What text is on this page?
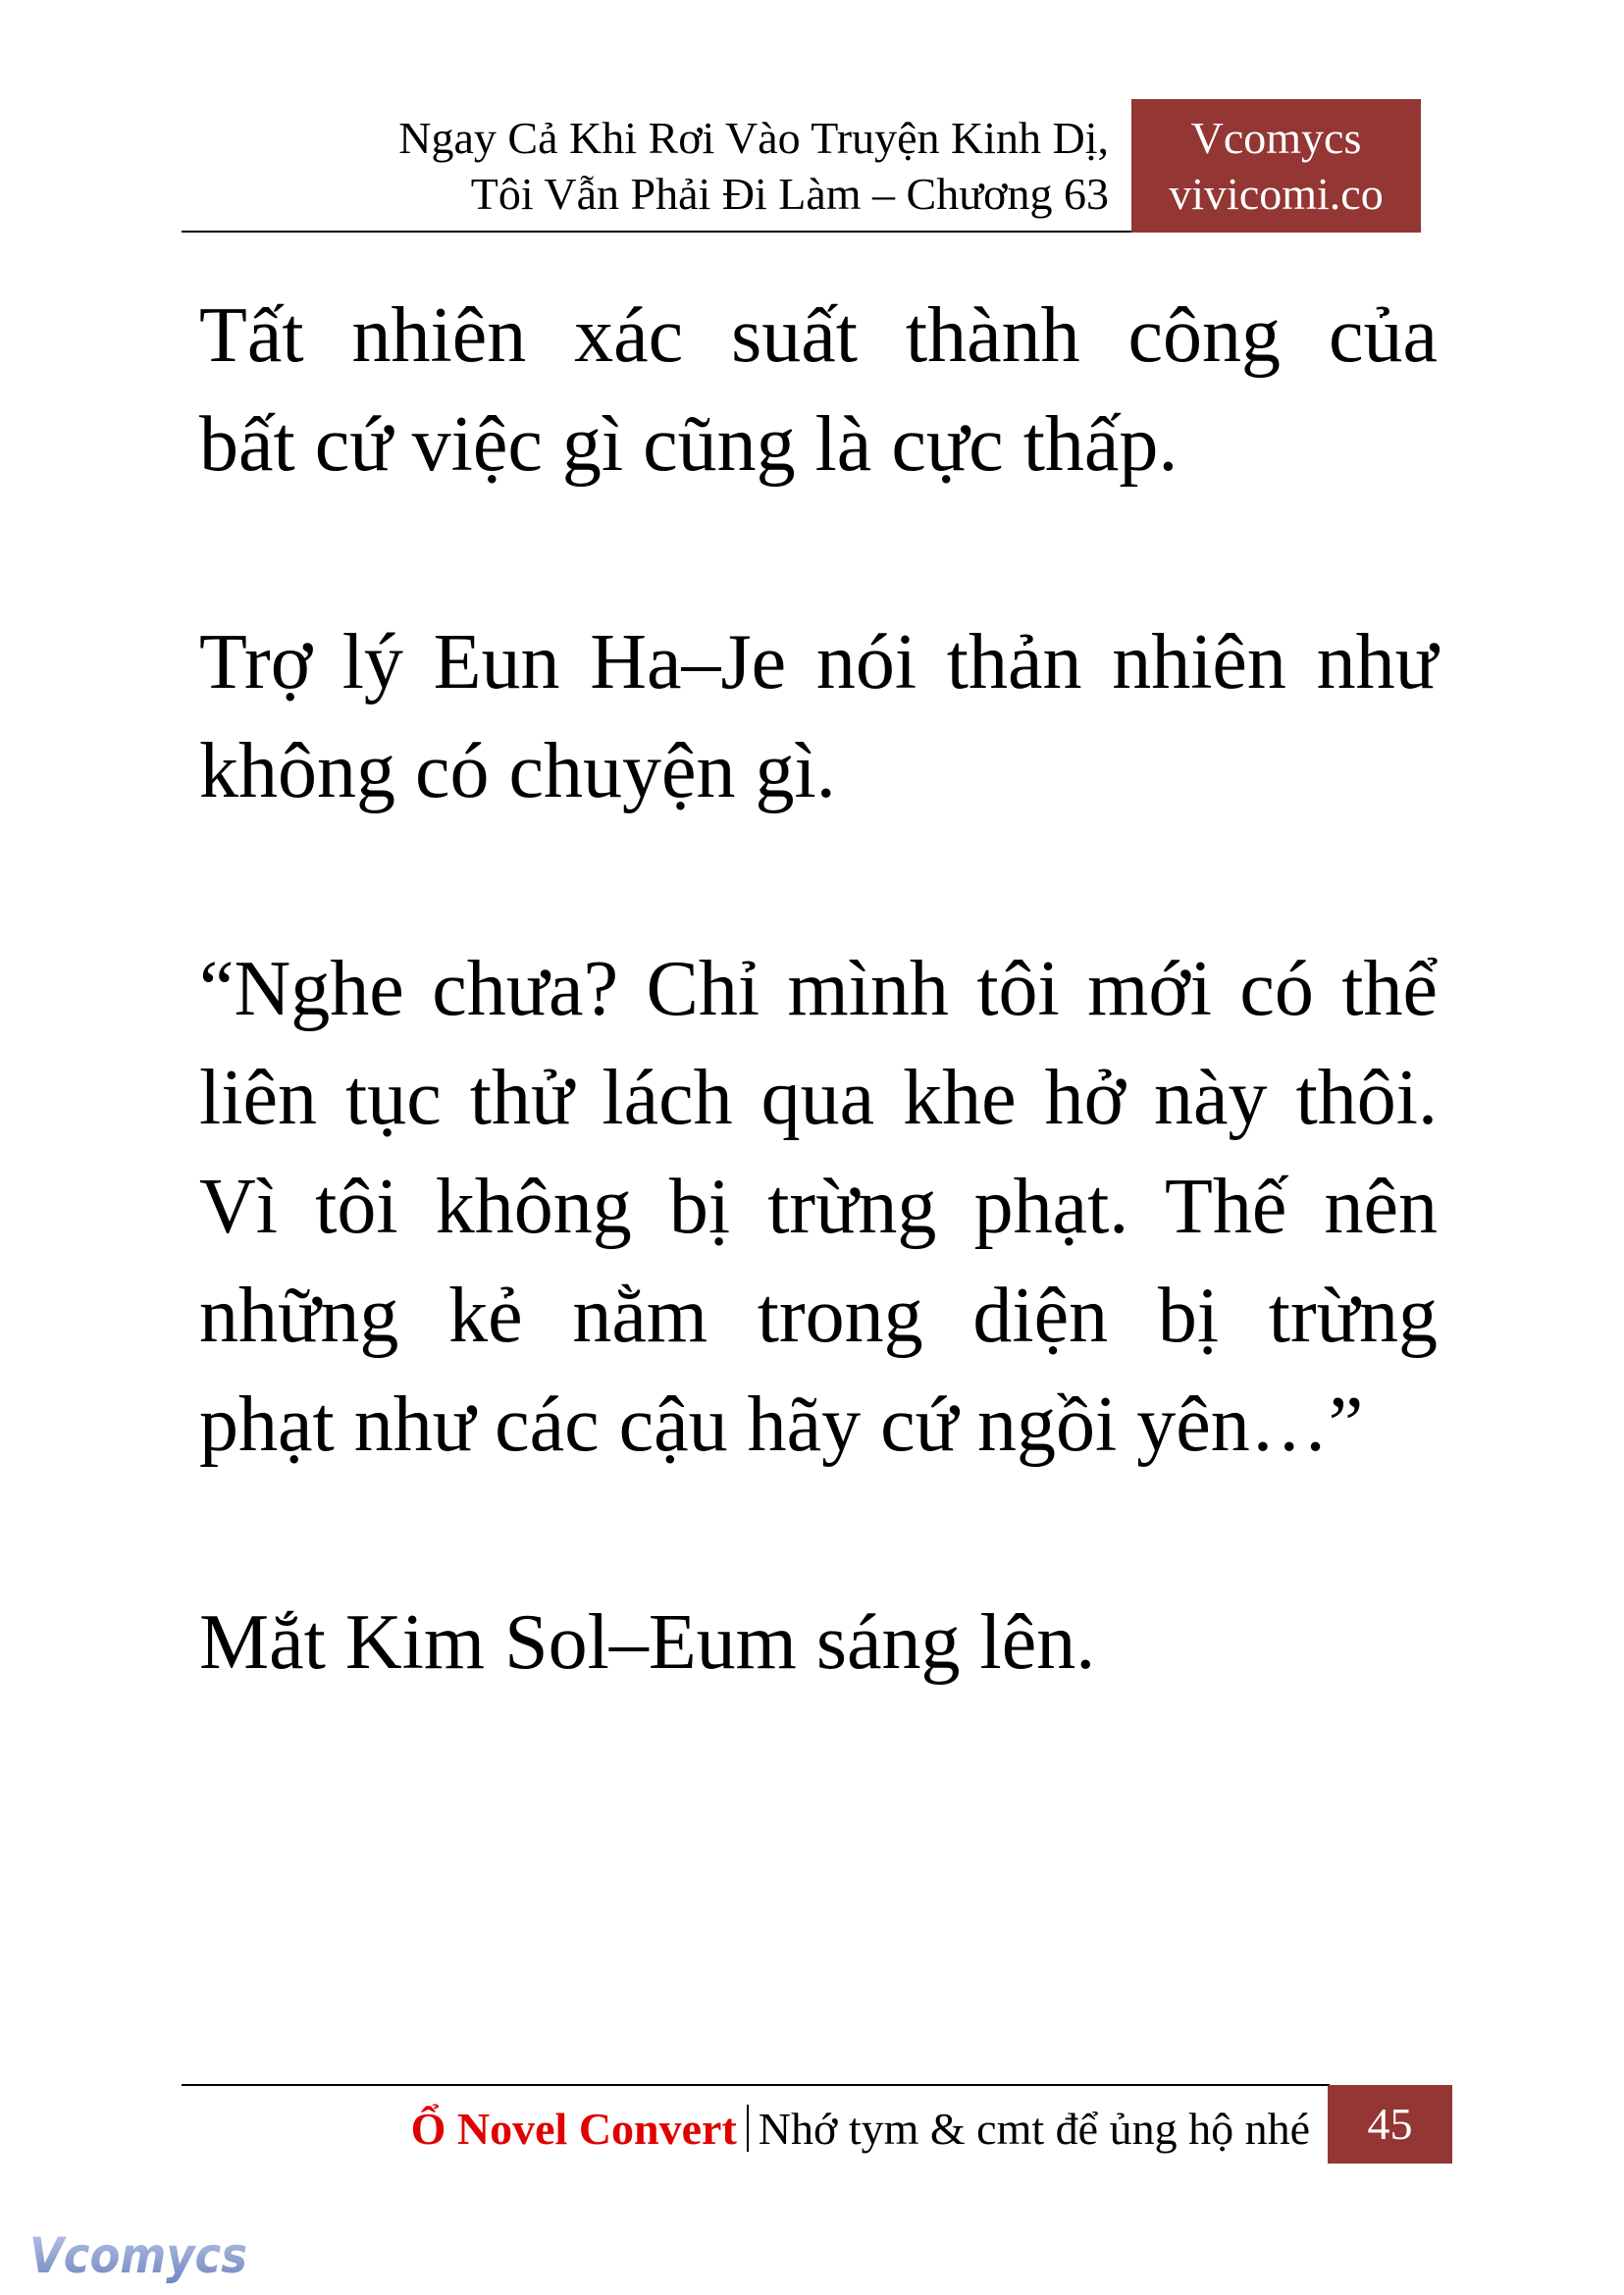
Ngay Cả Khi Rơi Vào Truyện Kinh Dị,
Tôi Vẫn Phải Đi Làm – Chương 63
Vcomycs
vivicomi.co
Tất nhiên xác suất thành công của
bất cứ việc gì cũng là cực thấp.
Trợ lý Eun Ha–Je nói thản nhiên như
không có chuyện gì.
“Nghe chưa? Chỉ mình tôi mới có thể
liên tục thử lách qua khe hở này thôi.
Vì tôi không bị trừng phạt. Thế nên
những kẻ nằm trong diện bị trừng
phạt như các cậu hãy cứ ngồi yên…”
Mắt Kim Sol–Eum sáng lên.
Ổ Novel Convert Nhớ tym & cmt để ủng hộ nhé	45
Vcomycs
